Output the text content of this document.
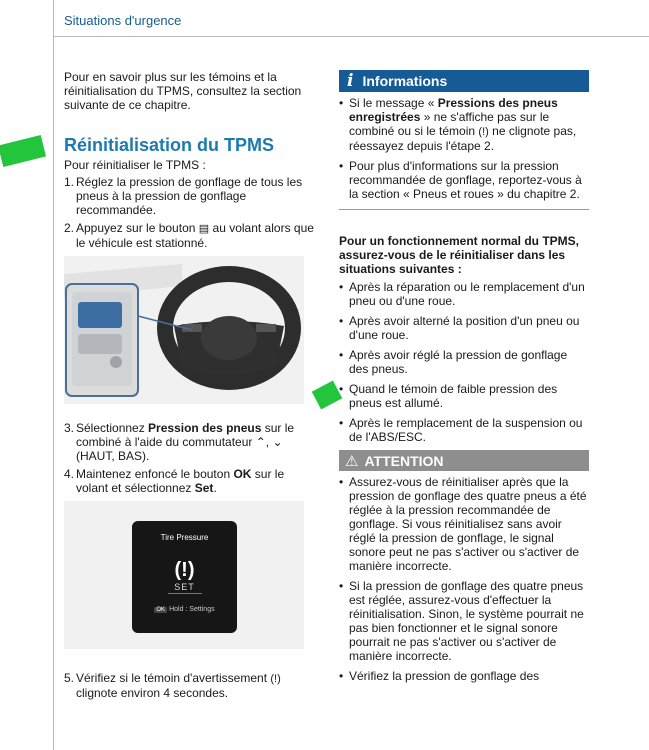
Situations d'urgence

Pour en savoir plus sur les témoins et la réinitialisation du TPMS, consultez la section suivante de ce chapitre.

Réinitialisation du TPMS

Pour réinitialiser le TPMS :

1. Réglez la pression de gonflage de tous les pneus à la pression de gonflage recommandée.
2. Appuyez sur le bouton ▤ au volant alors que le véhicule est stationné.
3. Sélectionnez Pression des pneus sur le combiné à l'aide du commutateur ⌃, ⌄ (HAUT, BAS).
4. Maintenez enfoncé le bouton OK sur le volant et sélectionnez Set.
Tire Pressure
(!)
SET
OK Hold : Settings
5. Vérifiez si le témoin d'avertissement (!) clignote environ 4 secondes.
i Informations
• Si le message « Pressions des pneus enregistrées » ne s'affiche pas sur le combiné ou si le témoin (!) ne clignote pas, réessayez depuis l'étape 2.
• Pour plus d'informations sur la pression recommandée de gonflage, reportez-vous à la section « Pneus et roues » du chapitre 2.

Pour un fonctionnement normal du TPMS, assurez-vous de le réinitialiser dans les situations suivantes :

• Après la réparation ou le remplacement d'un pneu ou d'une roue.
• Après avoir alterné la position d'un pneu ou d'une roue.
• Après avoir réglé la pression de gonflage des pneus.
• Quand le témoin de faible pression des pneus est allumé.
• Après le remplacement de la suspension ou de l'ABS/ESC.
⚠ ATTENTION
• Assurez-vous de réinitialiser après que la pression de gonflage des quatre pneus a été réglée à la pression recommandée de gonflage. Si vous réinitialisez sans avoir réglé la pression de gonflage, le signal sonore peut ne pas s'activer ou s'activer de manière incorrecte.
• Si la pression de gonflage des quatre pneus est réglée, assurez-vous d'effectuer la réinitialisation. Sinon, le système pourrait ne pas bien fonctionner et le signal sonore pourrait ne pas s'activer ou s'activer de manière incorrecte.
• Vérifiez la pression de gonflage des
